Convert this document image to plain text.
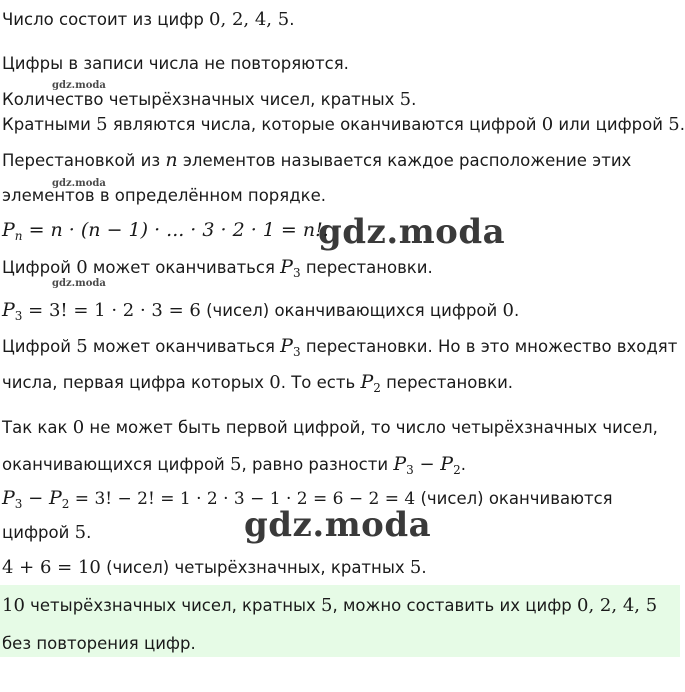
gdz.moda
gdz.moda
gdz.moda
gdz.moda
gdz.moda
Число состоит из цифр 0, 2, 4, 5.
Цифры в записи числа не повторяются.
Количество четырёхзначных чисел, кратных 5.
Кратными 5 являются числа, которые оканчиваются цифрой 0 или цифрой 5.
Перестановкой из n элементов называется каждое расположение этих
элементов в определённом порядке.
$P_n = n \cdot (n - 1)$ · ... · 3 · 2 · 1 = n!.
Цифрой 0 может оканчиваться $P_3$ перестановки.
$P_3 = 3$! = 1 · 2 · 3 = 6 (чисел) оканчивающихся цифрой 0.
Цифрой 5 может оканчиваться $P_3$ перестановки. Но в это множество входят
числа, первая цифра которых 0. То есть $P_2$ перестановки.
Так как 0 не может быть первой цифрой, то число четырёхзначных чисел,
оканчивающихся цифрой 5, равно разности $P_3 - P_2$.
$P_3 - P_2 = 3$! − 2! = 1 · 2 · 3 − 1 · 2 = 6 − 2 = 4 (чисел) оканчиваются
цифрой 5.
4 + 6 = 10 (чисел) четырёхзначных, кратных 5.
10 четырёхзначных чисел, кратных 5, можно составить их цифр 0, 2, 4, 5
без повторения цифр.
